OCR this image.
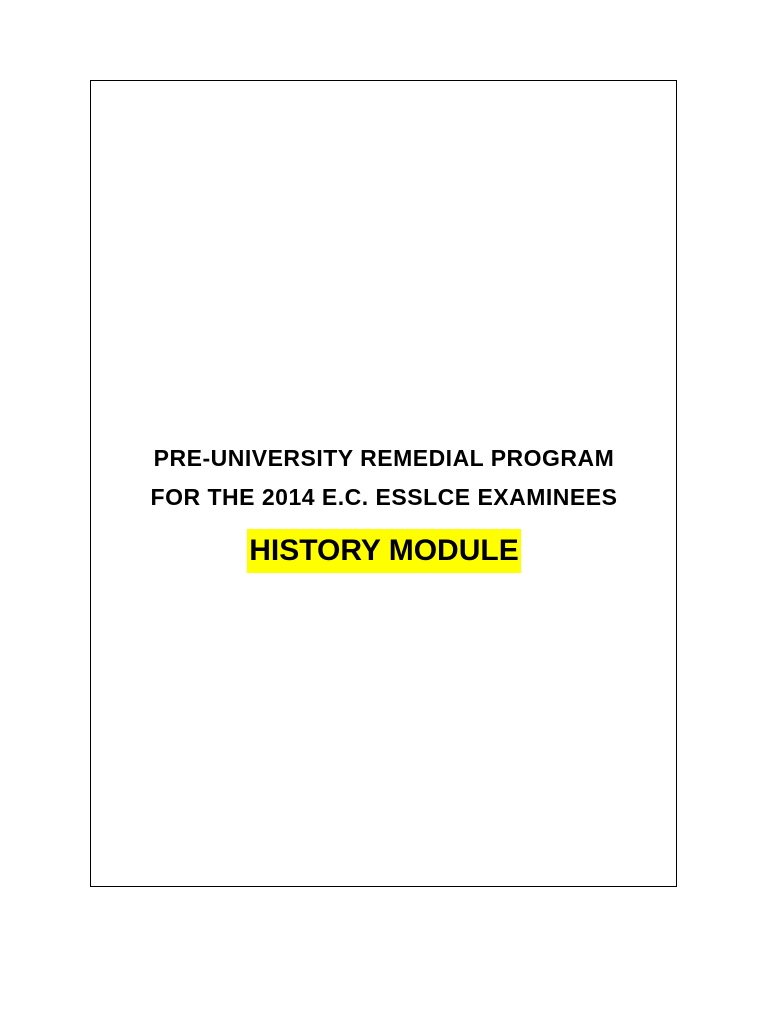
PRE-UNIVERSITY REMEDIAL PROGRAM
FOR THE 2014 E.C. ESSLCE EXAMINEES
HISTORY MODULE
